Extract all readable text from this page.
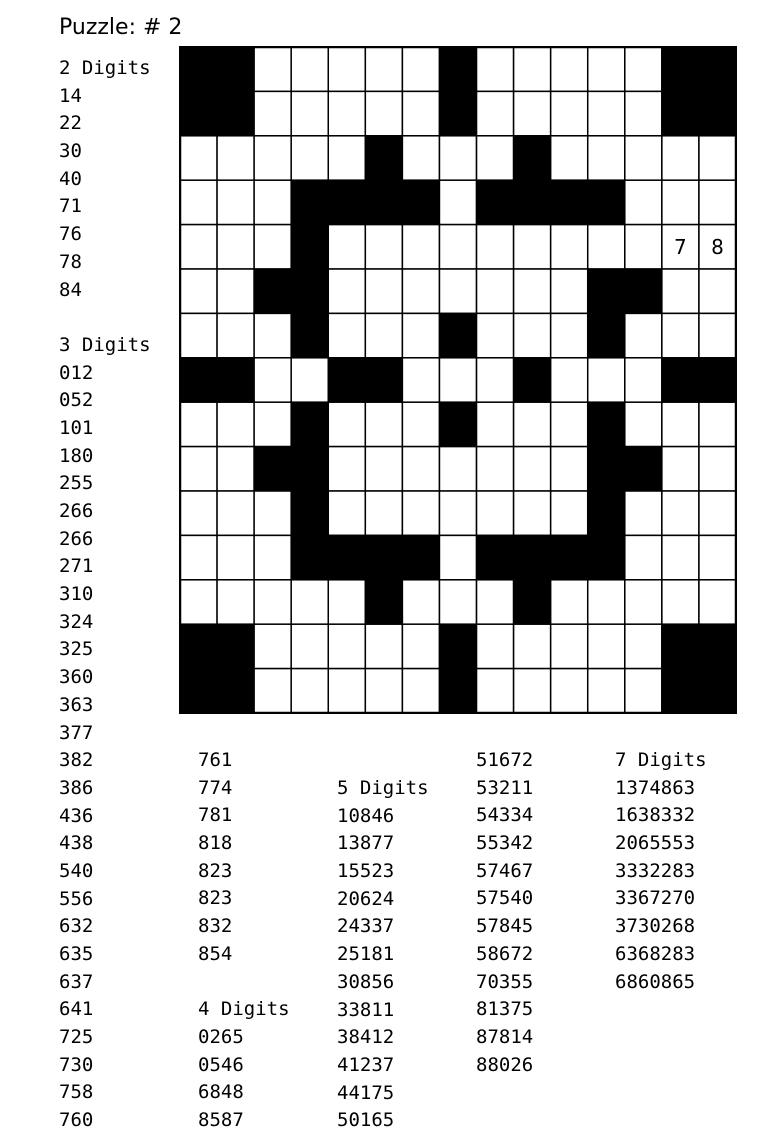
Puzzle: # 2
2 Digits
14
22
30
40
71
76
78
84
3 Digits
012
052
101
180
255
266
266
271
310
324
325
360
363
377
382
386
436
438
540
556
632
635
637
641
725
730
758
760
761
774
781
818
823
823
832
854
4 Digits
0265
0546
6848
8587
5 Digits
10846
13877
15523
20624
24337
25181
30856
33811
38412
41237
44175
50165
51672
53211
54334
55342
57467
57540
57845
58672
70355
81375
87814
88026
7 Digits
1374863
1638332
2065553
3332283
3367270
3730268
6368283
6860865
7 8
